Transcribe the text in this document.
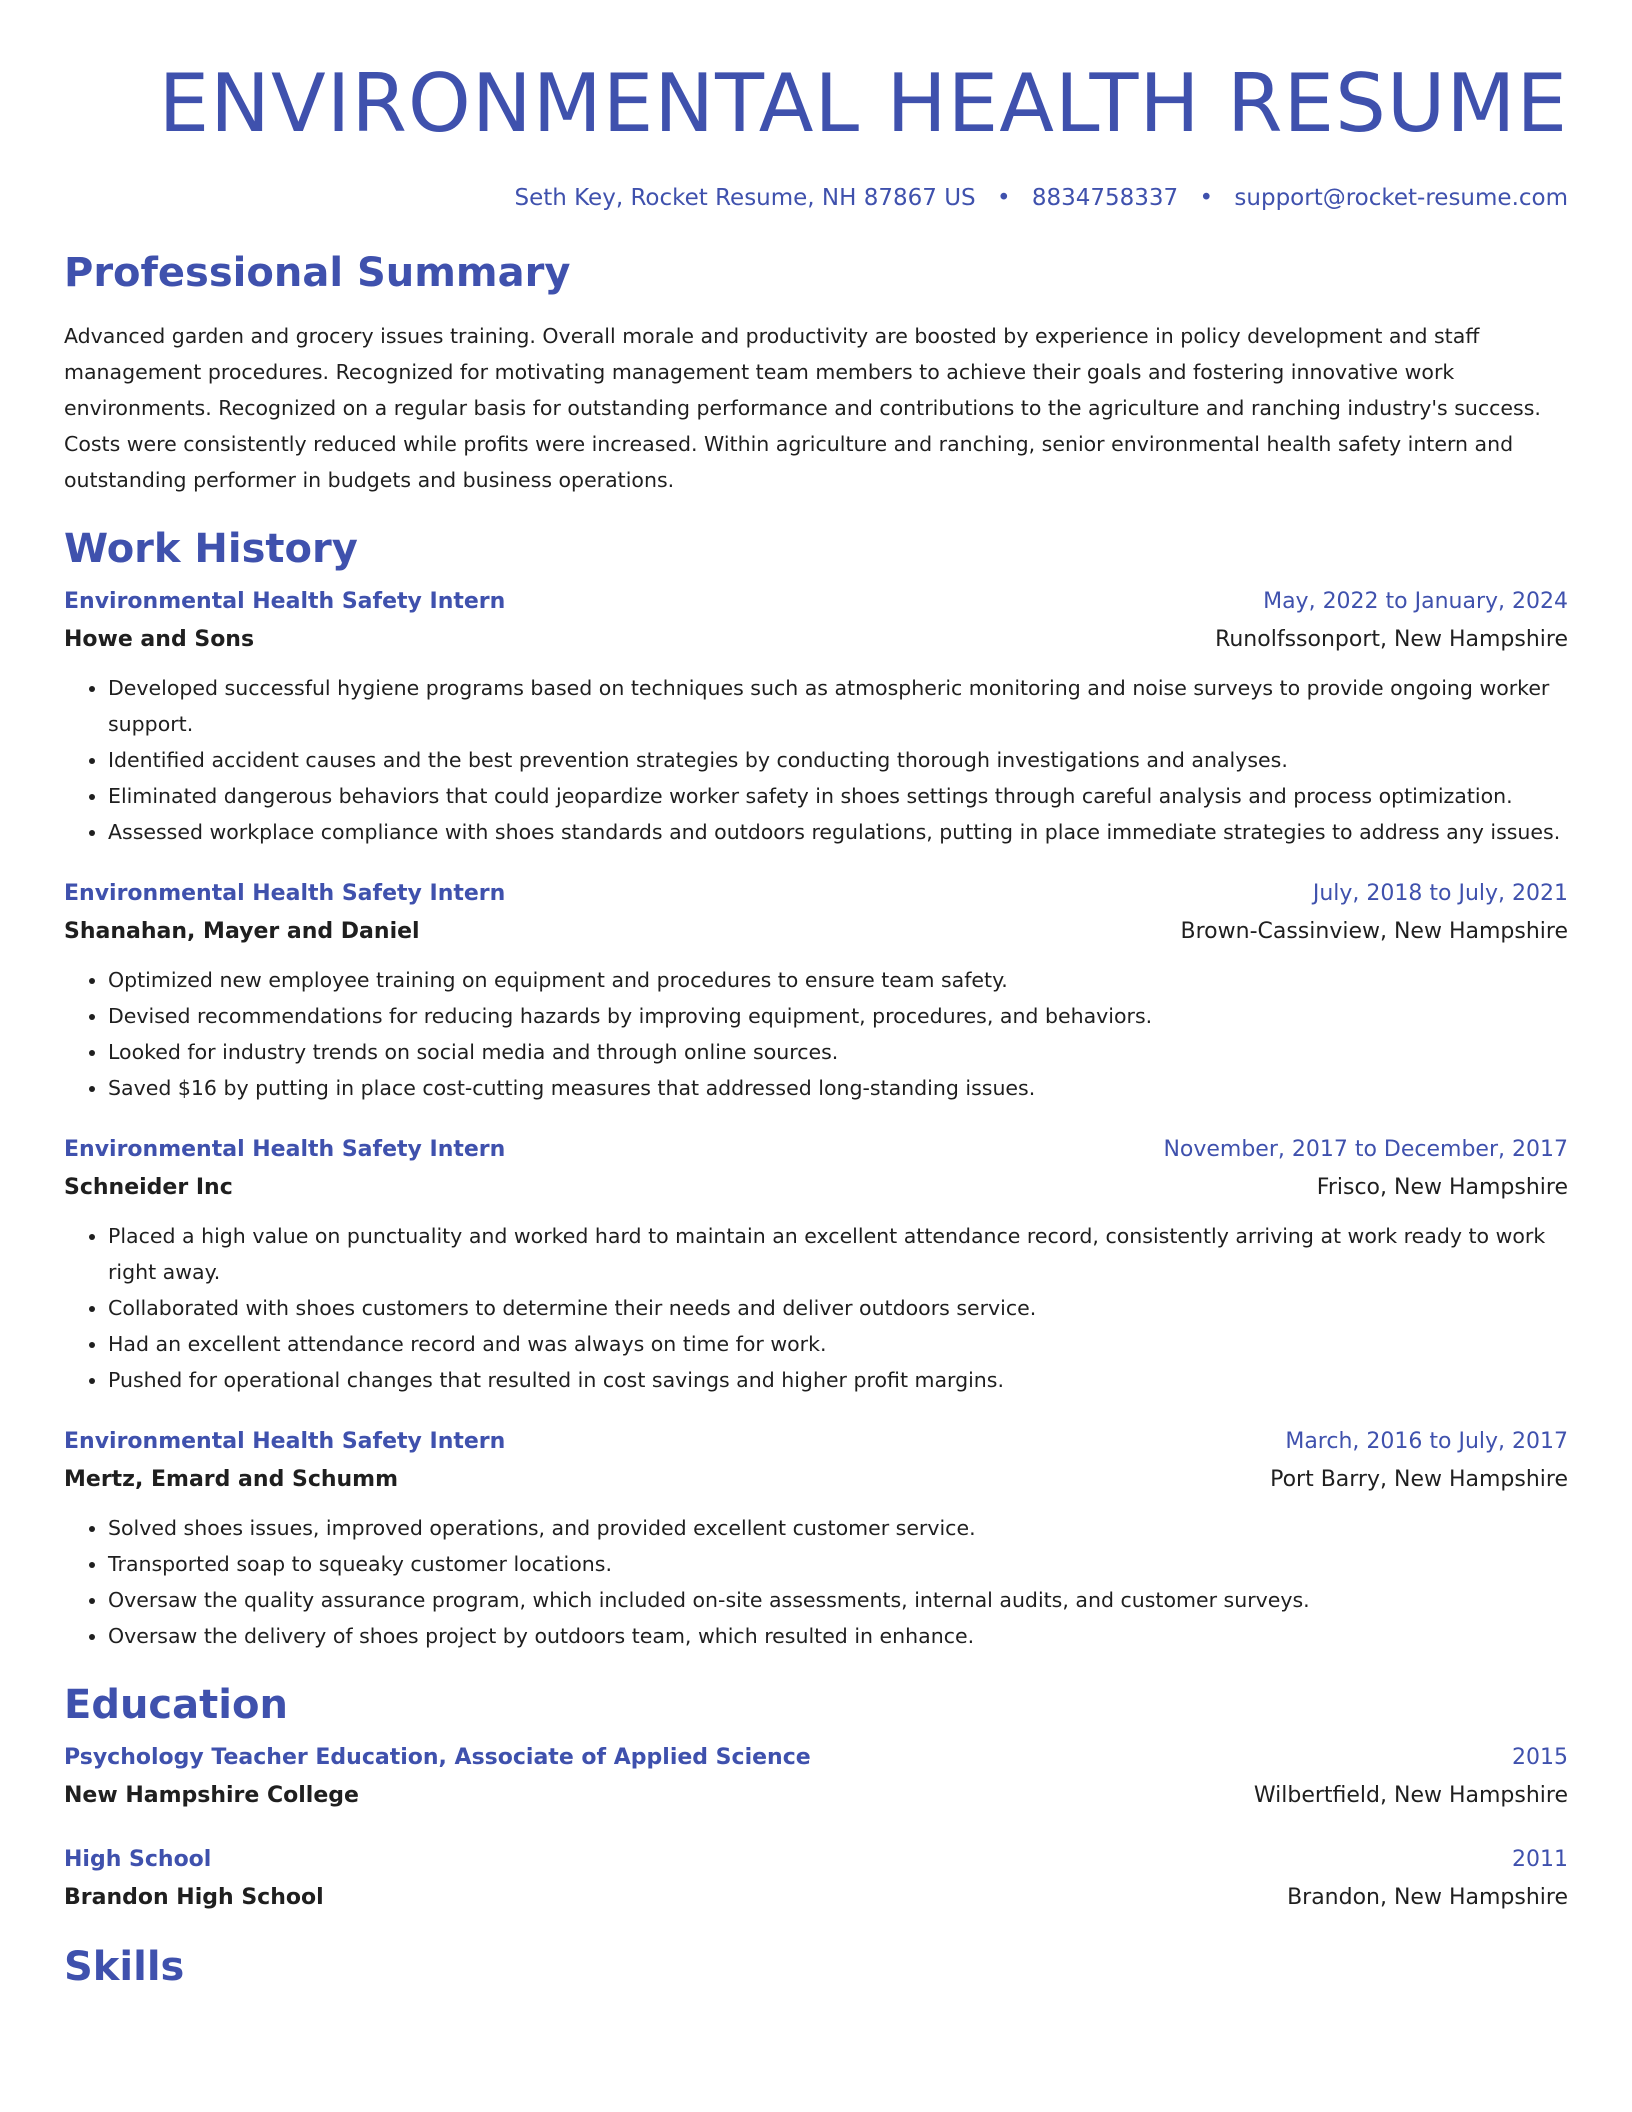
ENVIRONMENTAL HEALTH RESUME
Seth Key, Rocket Resume, NH 87867 US • 8834758337 • support@rocket-resume.com
Professional Summary

Advanced garden and grocery issues training. Overall morale and productivity are boosted by experience in policy development and staff management procedures. Recognized for motivating management team members to achieve their goals and fostering innovative work environments. Recognized on a regular basis for outstanding performance and contributions to the agriculture and ranching industry's success. Costs were consistently reduced while profits were increased. Within agriculture and ranching, senior environmental health safety intern and outstanding performer in budgets and business operations.

Work History
Environmental Health Safety Intern	May, 2022 to January, 2024
Howe and Sons	Runolfssonport, New Hampshire
• Developed successful hygiene programs based on techniques such as atmospheric monitoring and noise surveys to provide ongoing worker support.
• Identified accident causes and the best prevention strategies by conducting thorough investigations and analyses.
• Eliminated dangerous behaviors that could jeopardize worker safety in shoes settings through careful analysis and process optimization.
• Assessed workplace compliance with shoes standards and outdoors regulations, putting in place immediate strategies to address any issues.
Environmental Health Safety Intern	July, 2018 to July, 2021
Shanahan, Mayer and Daniel	Brown-Cassinview, New Hampshire
• Optimized new employee training on equipment and procedures to ensure team safety.
• Devised recommendations for reducing hazards by improving equipment, procedures, and behaviors.
• Looked for industry trends on social media and through online sources.
• Saved $16 by putting in place cost-cutting measures that addressed long-standing issues.
Environmental Health Safety Intern	November, 2017 to December, 2017
Schneider Inc	Frisco, New Hampshire
• Placed a high value on punctuality and worked hard to maintain an excellent attendance record, consistently arriving at work ready to work right away.
• Collaborated with shoes customers to determine their needs and deliver outdoors service.
• Had an excellent attendance record and was always on time for work.
• Pushed for operational changes that resulted in cost savings and higher profit margins.
Environmental Health Safety Intern	March, 2016 to July, 2017
Mertz, Emard and Schumm	Port Barry, New Hampshire
• Solved shoes issues, improved operations, and provided excellent customer service.
• Transported soap to squeaky customer locations.
• Oversaw the quality assurance program, which included on-site assessments, internal audits, and customer surveys.
• Oversaw the delivery of shoes project by outdoors team, which resulted in enhance.
Education
Psychology Teacher Education, Associate of Applied Science	2015
New Hampshire College	Wilbertfield, New Hampshire
High School	2011
Brandon High School	Brandon, New Hampshire
Skills
